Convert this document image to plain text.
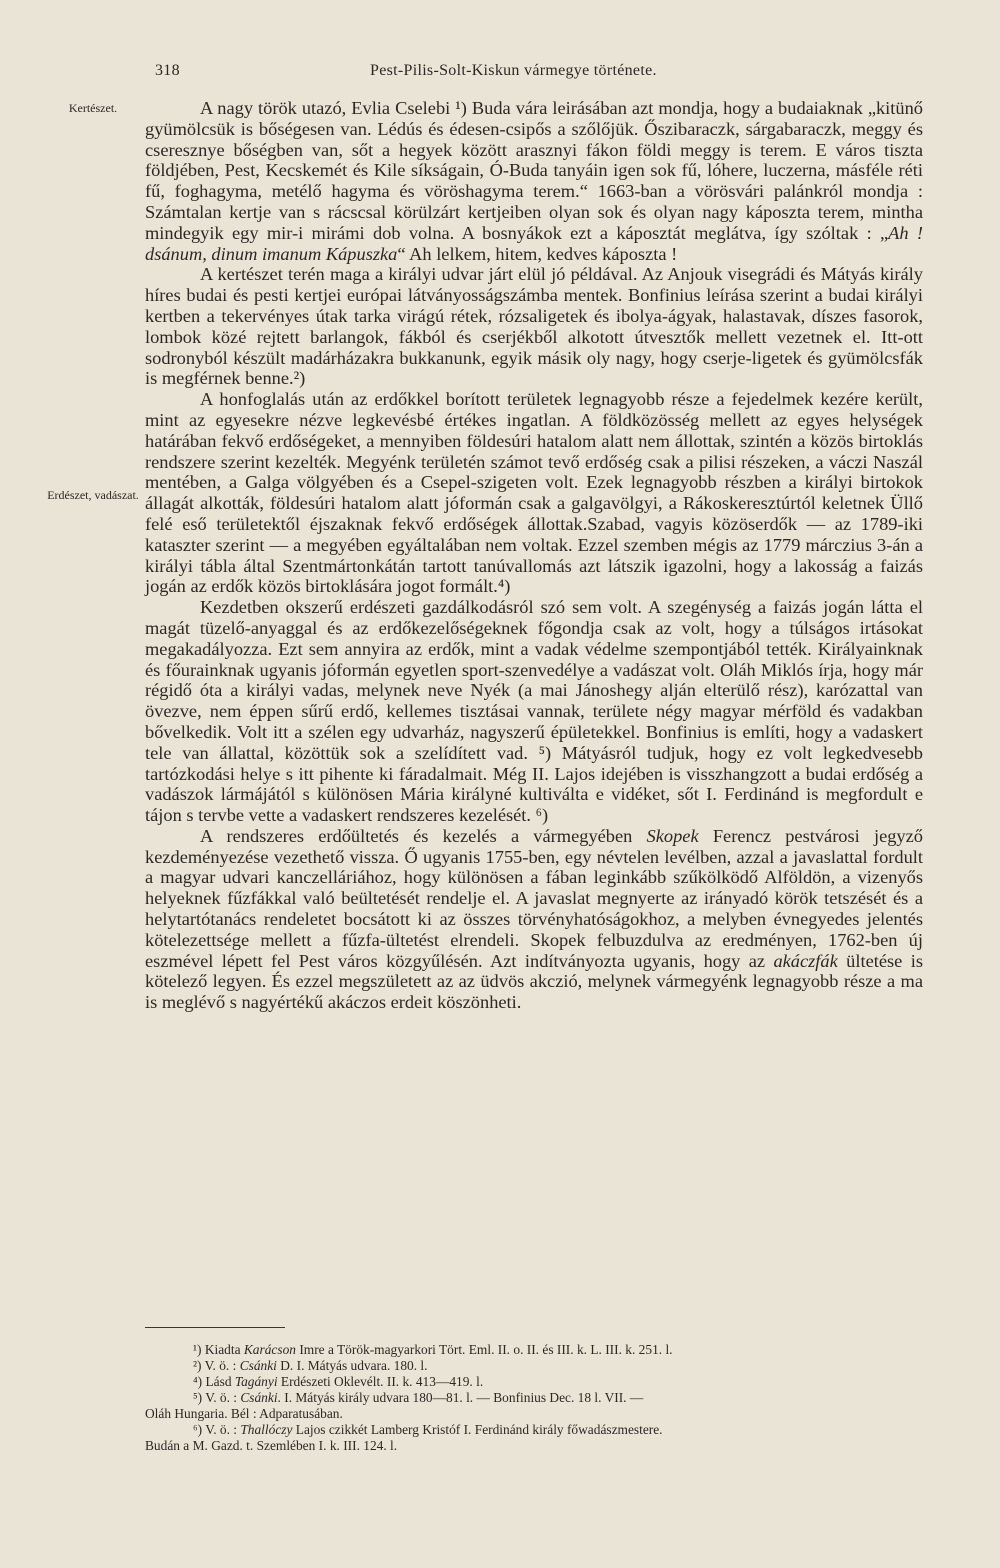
318	Pest-Pilis-Solt-Kiskun vármegye története.
Kertészet.
Erdészet, vadászat.

A nagy török utazó, Evlia Cselebi ¹) Buda vára leirásában azt mondja, hogy a budaiaknak „kitünő gyümölcsük is bőségesen van. Lédús és édesen-csipős a szőlőjük. Őszibaraczk, sárgabaraczk, meggy és cseresznye bőségben van, sőt a hegyek között arasznyi fákon földi meggy is terem. E város tiszta földjében, Pest, Kecskemét és Kile síkságain, Ó-Buda tanyáin igen sok fű, lóhere, luczerna, másféle réti fű, foghagyma, metélő hagyma és vöröshagyma terem.“ 1663-ban a vörösvári palánkról mondja : Számtalan kertje van s rácscsal körülzárt kertjeiben olyan sok és olyan nagy káposzta terem, mintha mindegyik egy mir-i mirámi dob volna. A bosnyákok ezt a káposztát meglátva, így szóltak : „Ah ! dsánum, dinum imanum Kápuszka“ Ah lelkem, hitem, kedves káposzta !

A kertészet terén maga a királyi udvar járt elül jó példával. Az Anjouk visegrádi és Mátyás király híres budai és pesti kertjei európai látványosságszámba mentek. Bonfinius leírása szerint a budai királyi kertben a tekervényes útak tarka virágú rétek, rózsaligetek és ibolya-ágyak, halastavak, díszes fasorok, lombok közé rejtett barlangok, fákból és cserjékből alkotott útvesztők mellett vezetnek el. Itt-ott sodronyból készült madárházakra bukkanunk, egyik másik oly nagy, hogy cserje-ligetek és gyümölcsfák is megférnek benne.²)

A honfoglalás után az erdőkkel borított területek legnagyobb része a fejedelmek kezére került, mint az egyesekre nézve legkevésbé értékes ingatlan. A földközösség mellett az egyes helységek határában fekvő erdőségeket, a mennyiben földesúri hatalom alatt nem állottak, szintén a közös birtoklás rendszere szerint kezelték. Megyénk területén számot tevő erdőség csak a pilisi részeken, a váczi Naszál mentében, a Galga völgyében és a Csepel-szigeten volt. Ezek legnagyobb részben a királyi birtokok állagát alkották, földesúri hatalom alatt jóformán csak a galgavölgyi, a Rákoskeresztúrtól keletnek Üllő felé eső területektől éjszaknak fekvő erdőségek állottak.Szabad, vagyis közöserdők — az 1789-iki kataszter szerint — a megyében egyáltalában nem voltak. Ezzel szemben mégis az 1779 márczius 3-án a királyi tábla által Szentmártonkátán tartott tanúvallomás azt látszik igazolni, hogy a lakosság a faizás jogán az erdők közös birtoklására jogot formált.⁴)

Kezdetben okszerű erdészeti gazdálkodásról szó sem volt. A szegénység a faizás jogán látta el magát tüzelő-anyaggal és az erdőkezelőségeknek főgondja csak az volt, hogy a túlságos irtásokat megakadályozza. Ezt sem annyira az erdők, mint a vadak védelme szempontjából tették. Királyainknak és főurainknak ugyanis jóformán egyetlen sport-szenvedélye a vadászat volt. Oláh Miklós írja, hogy már régidő óta a királyi vadas, melynek neve Nyék (a mai Jánoshegy alján elterülő rész), karózattal van övezve, nem éppen sűrű erdő, kellemes tisztásai vannak, területe négy magyar mérföld és vadakban bővelkedik. Volt itt a szélen egy udvarház, nagyszerű épületekkel. Bonfinius is említi, hogy a vadaskert tele van állattal, közöttük sok a szelídített vad. ⁵) Mátyásról tudjuk, hogy ez volt legkedvesebb tartózkodási helye s itt pihente ki fáradalmait. Még II. Lajos idejében is visszhangzott a budai erdőség a vadászok lármájától s különösen Mária királyné kultiválta e vidéket, sőt I. Ferdinánd is megfordult e tájon s tervbe vette a vadaskert rendszeres kezelését. ⁶)

A rendszeres erdőültetés és kezelés a vármegyében Skopek Ferencz pestvárosi jegyző kezdeményezése vezethető vissza. Ő ugyanis 1755-ben, egy névtelen levélben, azzal a javaslattal fordult a magyar udvari kanczelláriához, hogy különösen a fában leginkább szűkölködő Alföldön, a vizenyős helyeknek fűzfákkal való beültetését rendelje el. A javaslat megnyerte az irányadó körök tetszését és a helytartótanács rendeletet bocsátott ki az összes törvényhatóságokhoz, a melyben évnegyedes jelentés kötelezettsége mellett a fűzfa-ültetést elrendeli. Skopek felbuzdulva az eredményen, 1762-ben új eszmével lépett fel Pest város közgyűlésén. Azt indítványozta ugyanis, hogy az akáczfák ültetése is kötelező legyen. És ezzel megszületett az az üdvös akczió, melynek vármegyénk legnagyobb része a ma is meglévő s nagyértékű akáczos erdeit köszönheti.

¹) Kiadta Karácson Imre a Török-magyarkori Tört. Eml. II. o. II. és III. k. L. III. k. 251. l.

²) V. ö. : Csánki D. I. Mátyás udvara. 180. l.

⁴) Lásd Tagányi Erdészeti Oklevélt. II. k. 413—419. l.

⁵) V. ö. : Csánki. I. Mátyás király udvara 180—81. l. — Bonfinius Dec. 18 l. VII. —

Oláh Hungaria. Bél : Adparatusában.

⁶) V. ö. : Thallóczy Lajos czikkét Lamberg Kristóf I. Ferdinánd király főwadászmestere.

Budán a M. Gazd. t. Szemlében I. k. III. 124. l.
